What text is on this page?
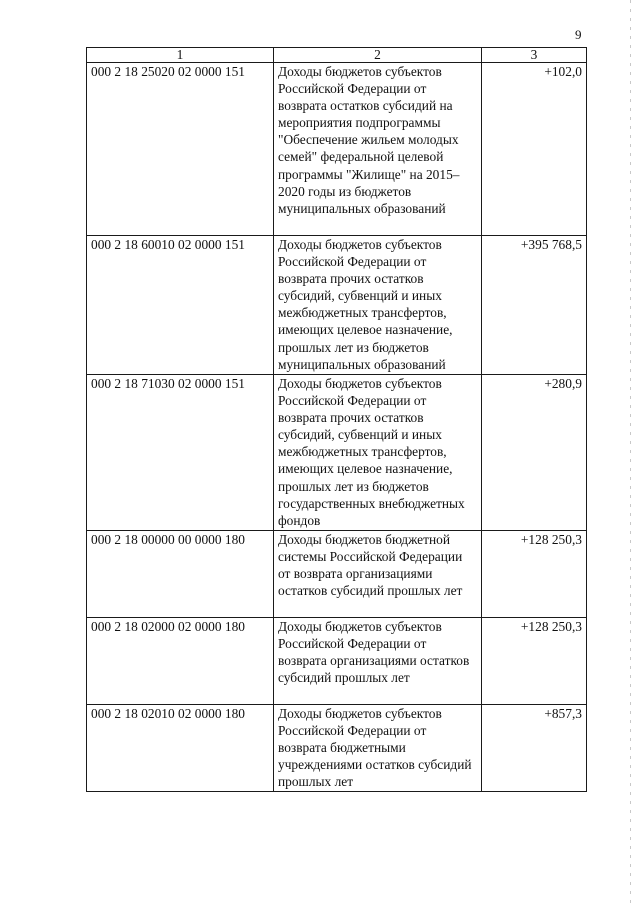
9
1	2	3
000 2 18 25020 02 0000 151	Доходы бюджетов субъектов Российской Федерации от возврата остатков субсидий на мероприятия подпрограммы "Обеспечение жильем молодых семей" федеральной целевой программы "Жилище" на 2015–2020 годы из бюджетов муниципальных образований	+102,0
000 2 18 60010 02 0000 151	Доходы бюджетов субъектов Российской Федерации от возврата прочих остатков субсидий, субвенций и иных межбюджетных трансфертов, имеющих целевое назначение, прошлых лет из бюджетов муниципальных образований	+395 768,5
000 2 18 71030 02 0000 151	Доходы бюджетов субъектов Российской Федерации от возврата прочих остатков субсидий, субвенций и иных межбюджетных трансфертов, имеющих целевое назначение, прошлых лет из бюджетов государственных внебюджетных фондов	+280,9
000 2 18 00000 00 0000 180	Доходы бюджетов бюджетной системы Российской Федерации от возврата организациями остатков субсидий прошлых лет	+128 250,3
000 2 18 02000 02 0000 180	Доходы бюджетов субъектов Российской Федерации от возврата организациями остатков субсидий прошлых лет	+128 250,3
000 2 18 02010 02 0000 180	Доходы бюджетов субъектов Российской Федерации от возврата бюджетными учреждениями остатков субсидий прошлых лет	+857,3
